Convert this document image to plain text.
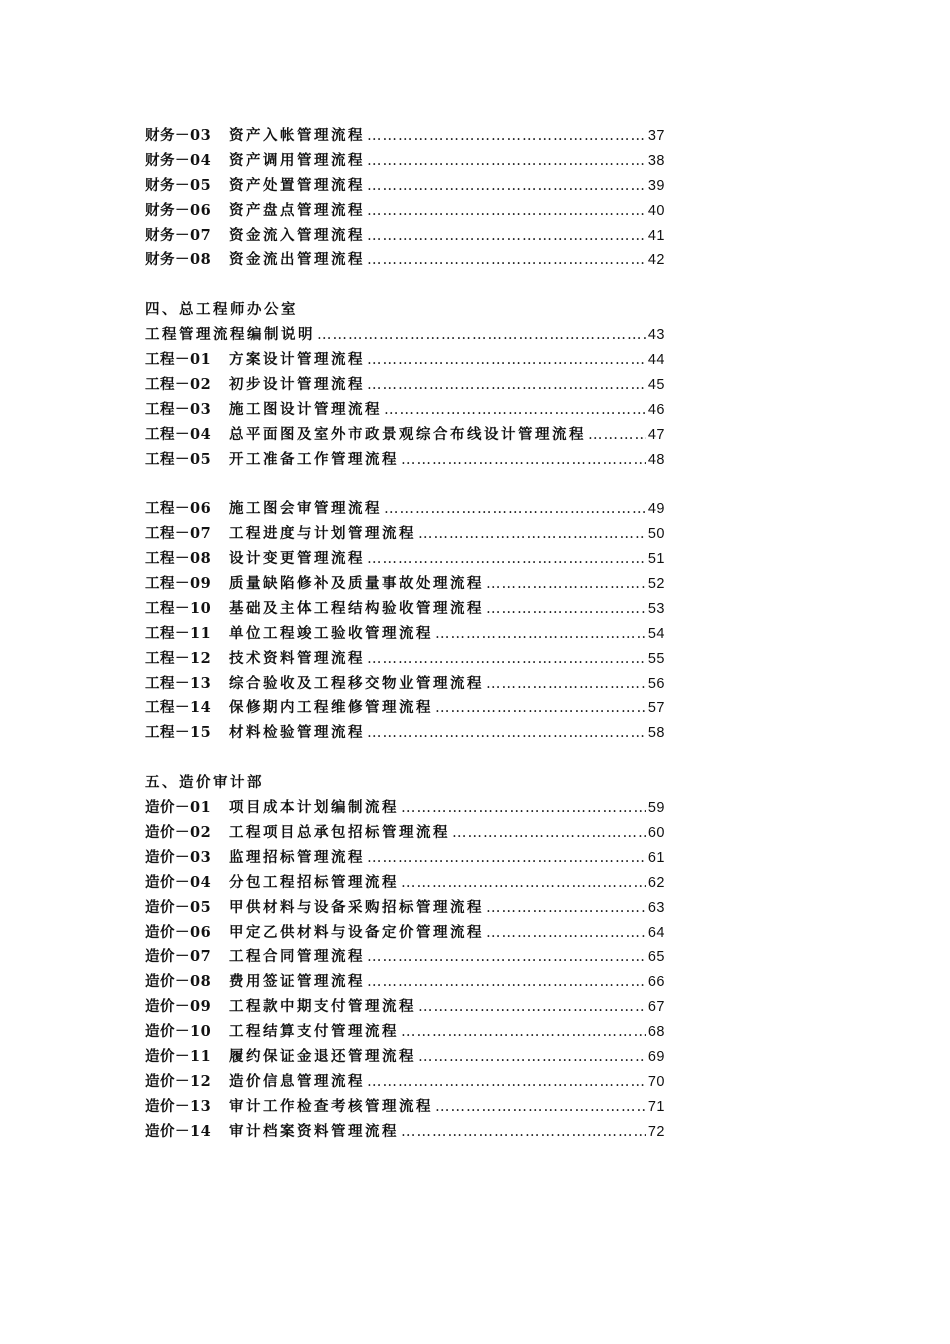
财务－03	资产入帐管理流程 ……………………………………………………………………………………………………………………………………………………………………	37
财务－04	资产调用管理流程 ……………………………………………………………………………………………………………………………………………………………………	38
财务－05	资产处置管理流程 ……………………………………………………………………………………………………………………………………………………………………	39
财务－06	资产盘点管理流程 ……………………………………………………………………………………………………………………………………………………………………	40
财务－07	资金流入管理流程 ……………………………………………………………………………………………………………………………………………………………………	41
财务－08	资金流出管理流程 ……………………………………………………………………………………………………………………………………………………………………	42
四、总工程师办公室
工程管理流程编制说明 ……………………………………………………………………………………………………………………………………………………………………	43
工程－01	方案设计管理流程 ……………………………………………………………………………………………………………………………………………………………………	44
工程－02	初步设计管理流程 ……………………………………………………………………………………………………………………………………………………………………	45
工程－03	施工图设计管理流程 ……………………………………………………………………………………………………………………………………………………………………	46
工程－04	总平面图及室外市政景观综合布线设计管理流程 ……………………………………………………………………………………………………………………………………………………………………	47
工程－05	开工准备工作管理流程 ……………………………………………………………………………………………………………………………………………………………………	48
工程－06	施工图会审管理流程 ……………………………………………………………………………………………………………………………………………………………………	49
工程－07	工程进度与计划管理流程 ……………………………………………………………………………………………………………………………………………………………………	50
工程－08	设计变更管理流程 ……………………………………………………………………………………………………………………………………………………………………	51
工程－09	质量缺陷修补及质量事故处理流程 ……………………………………………………………………………………………………………………………………………………………………	52
工程－10	基础及主体工程结构验收管理流程 ……………………………………………………………………………………………………………………………………………………………………	53
工程－11	单位工程竣工验收管理流程 ……………………………………………………………………………………………………………………………………………………………………	54
工程－12	技术资料管理流程 ……………………………………………………………………………………………………………………………………………………………………	55
工程－13	综合验收及工程移交物业管理流程 ……………………………………………………………………………………………………………………………………………………………………	56
工程－14	保修期内工程维修管理流程 ……………………………………………………………………………………………………………………………………………………………………	57
工程－15	材料检验管理流程 ……………………………………………………………………………………………………………………………………………………………………	58
五、造价审计部
造价－01	项目成本计划编制流程 ……………………………………………………………………………………………………………………………………………………………………	59
造价－02	工程项目总承包招标管理流程 ……………………………………………………………………………………………………………………………………………………………………	60
造价－03	监理招标管理流程 ……………………………………………………………………………………………………………………………………………………………………	61
造价－04	分包工程招标管理流程 ……………………………………………………………………………………………………………………………………………………………………	62
造价－05	甲供材料与设备采购招标管理流程 ……………………………………………………………………………………………………………………………………………………………………	63
造价－06	甲定乙供材料与设备定价管理流程 ……………………………………………………………………………………………………………………………………………………………………	64
造价－07	工程合同管理流程 ……………………………………………………………………………………………………………………………………………………………………	65
造价－08	费用签证管理流程 ……………………………………………………………………………………………………………………………………………………………………	66
造价－09	工程款中期支付管理流程 ……………………………………………………………………………………………………………………………………………………………………	67
造价－10	工程结算支付管理流程 ……………………………………………………………………………………………………………………………………………………………………	68
造价－11	履约保证金退还管理流程 ……………………………………………………………………………………………………………………………………………………………………	69
造价－12	造价信息管理流程 ……………………………………………………………………………………………………………………………………………………………………	70
造价－13	审计工作检查考核管理流程 ……………………………………………………………………………………………………………………………………………………………………	71
造价－14	审计档案资料管理流程 ……………………………………………………………………………………………………………………………………………………………………	72
